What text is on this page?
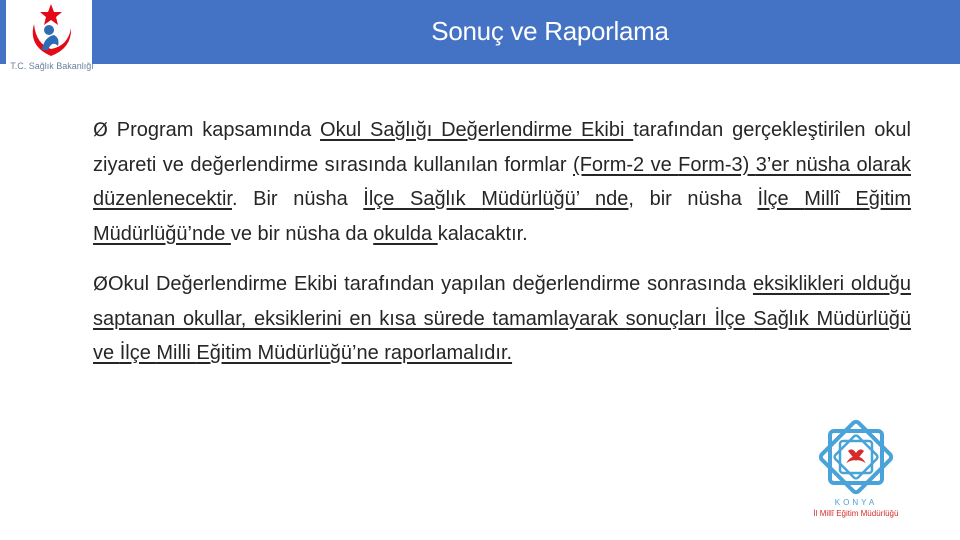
T.C. Sağlık Bakanlığı
Sonuç ve Raporlama

Ø Program kapsamında Okul Sağlığı Değerlendirme Ekibi tarafından gerçekleştirilen okul ziyareti ve değerlendirme sırasında kullanılan formlar (Form-2 ve Form-3) 3’er nüsha olarak düzenlenecektir. Bir nüsha İlçe Sağlık Müdürlüğü’ nde, bir nüsha İlçe Millî Eğitim Müdürlüğü’nde ve bir nüsha da okulda kalacaktır.

ØOkul Değerlendirme Ekibi tarafından yapılan değerlendirme sonrasında eksiklikleri olduğu saptanan okullar, eksiklerini en kısa sürede tamamlayarak sonuçları İlçe Sağlık Müdürlüğü ve İlçe Milli Eğitim Müdürlüğü’ne raporlamalıdır.

KONYA
İl Millî Eğitim Müdürlüğü
